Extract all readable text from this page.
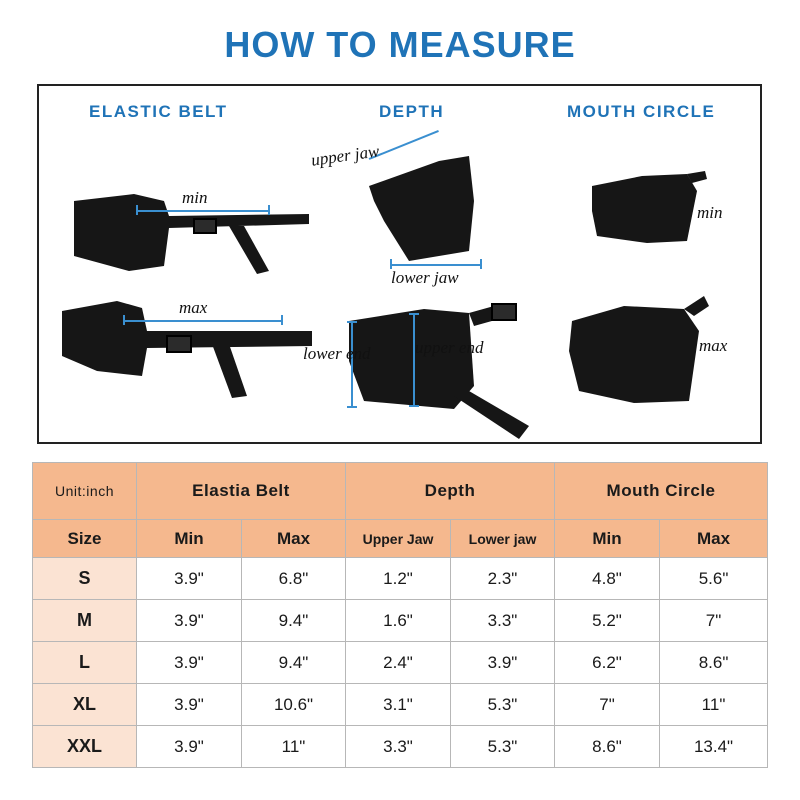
HOW TO MEASURE
ELASTIC BELT	DEPTH	MOUTH CIRCLE
min
max
upper jaw
lower jaw
lower end	upper end
min
max
Unit:inch	Elastia Belt		Depth		Mouth Circle	
Size	Min	Max	Upper Jaw	Lower jaw	Min	Max
S	3.9"	6.8"	1.2"	2.3"	4.8"	5.6"
M	3.9"	9.4"	1.6"	3.3"	5.2"	7"
L	3.9"	9.4"	2.4"	3.9"	6.2"	8.6"
XL	3.9"	10.6"	3.1"	5.3"	7"	11"
XXL	3.9"	11"	3.3"	5.3"	8.6"	13.4"
